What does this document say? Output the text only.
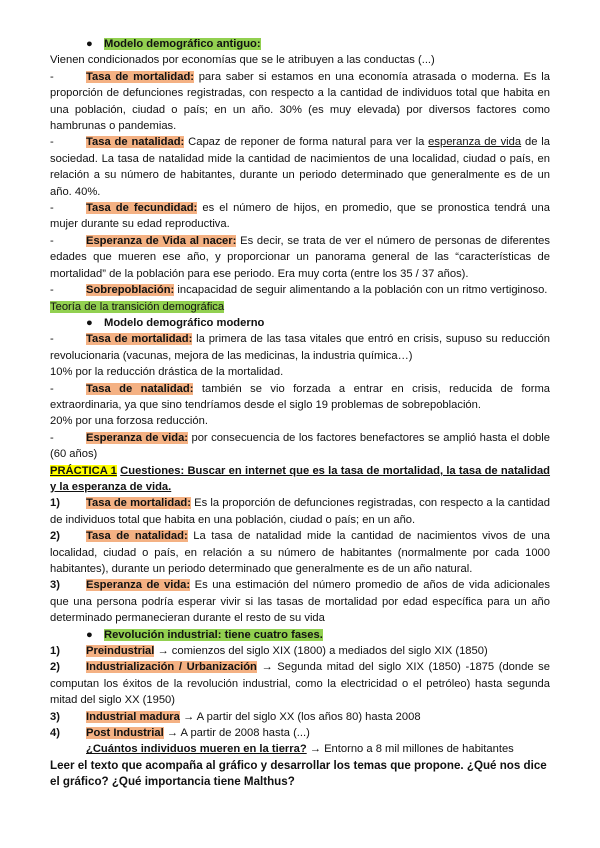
● Modelo demográfico antiguo:

Vienen condicionados por economías que se le atribuyen a las conductas (...)

-	Tasa de mortalidad: para saber si estamos en una economía atrasada o moderna. Es la proporción de defunciones registradas, con respecto a la cantidad de individuos total que habita en una población, ciudad o país; en un año. 30% (es muy elevada) por diversos factores como hambrunas o pandemias.

-	Tasa de natalidad: Capaz de reponer de forma natural para ver la esperanza de vida de la sociedad. La tasa de natalidad mide la cantidad de nacimientos de una localidad, ciudad o país, en relación a su número de habitantes, durante un periodo determinado que generalmente es de un año. 40%.

-	Tasa de fecundidad: es el número de hijos, en promedio, que se pronostica tendrá una mujer durante su edad reproductiva.

-	Esperanza de Vida al nacer: Es decir, se trata de ver el número de personas de diferentes edades que mueren ese año, y proporcionar un panorama general de las “características de mortalidad” de la población para ese periodo. Era muy corta (entre los 35 / 37 años).

-	Sobrepoblación: incapacidad de seguir alimentando a la población con un ritmo vertiginoso.

Teoría de la transición demográfica

● Modelo demográfico moderno

-	Tasa de mortalidad: la primera de las tasa vitales que entró en crisis, supuso su reducción revolucionaria (vacunas, mejora de las medicinas, la industria química…)

10% por la reducción drástica de la mortalidad.

-	Tasa de natalidad: también se vio forzada a entrar en crisis, reducida de forma extraordinaria, ya que sino tendríamos desde el siglo 19 problemas de sobrepoblación.

20% por una forzosa reducción.

-	Esperanza de vida: por consecuencia de los factores benefactores se amplió hasta el doble (60 años)

PRÁCTICA 1 Cuestiones: Buscar en internet que es la tasa de mortalidad, la tasa de natalidad y la esperanza de vida.

1) Tasa de mortalidad: Es la proporción de defunciones registradas, con respecto a la cantidad de individuos total que habita en una población, ciudad o país; en un año.

2) Tasa de natalidad: La tasa de natalidad mide la cantidad de nacimientos vivos de una localidad, ciudad o país, en relación a su número de habitantes (normalmente por cada 1000 habitantes), durante un periodo determinado que generalmente es de un año natural.

3) Esperanza de vida: Es una estimación del número promedio de años de vida adicionales que una persona podría esperar vivir si las tasas de mortalidad por edad específica para un año determinado permanecieran durante el resto de su vida

● Revolución industrial: tiene cuatro fases.

1) Preindustrial → comienzos del siglo XIX (1800) a mediados del siglo XIX (1850)

2) Industrialización / Urbanización → Segunda mitad del siglo XIX (1850) -1875 (donde se computan los éxitos de la revolución industrial, como la electricidad o el petróleo) hasta segunda mitad del siglo XX (1950)

3) Industrial madura → A partir del siglo XX (los años 80) hasta 2008

4) Post Industrial → A partir de 2008 hasta (...)

¿Cuántos individuos mueren en la tierra? → Entorno a 8 mil millones de habitantes

Leer el texto que acompaña al gráfico y desarrollar los temas que propone. ¿Qué nos dice el gráfico? ¿Qué importancia tiene Malthus?
